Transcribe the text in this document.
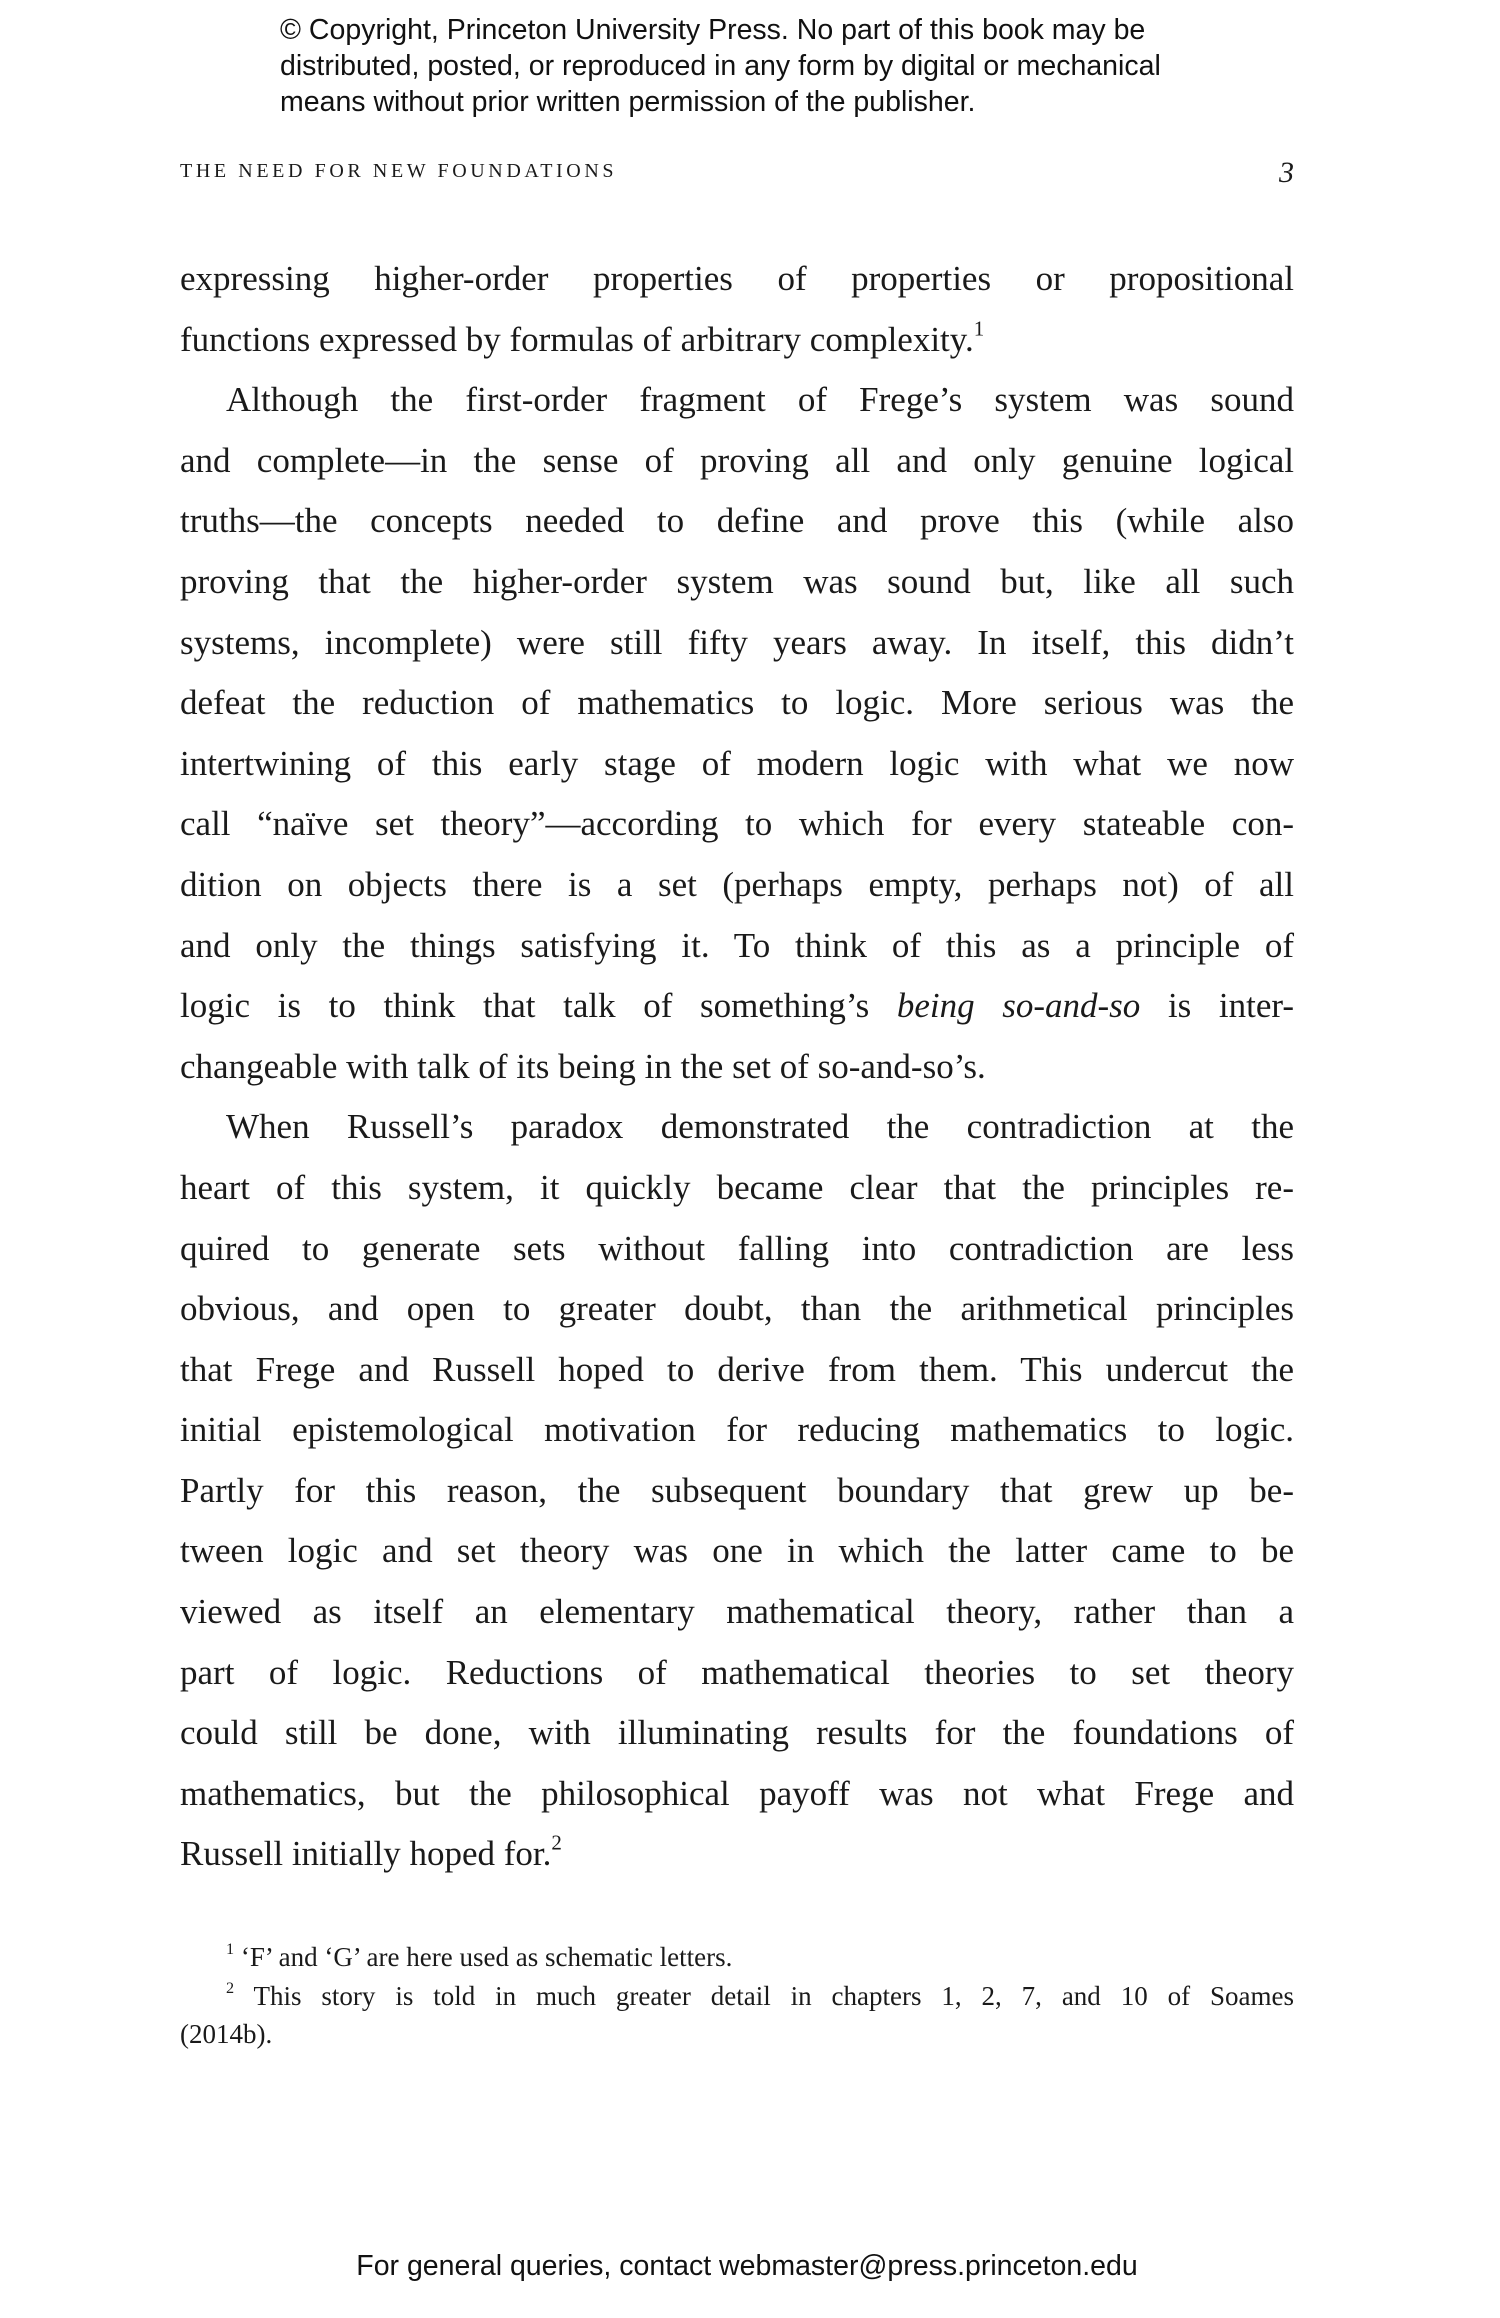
© Copyright, Princeton University Press. No part of this book may be
distributed, posted, or reproduced in any form by digital or mechanical
means without prior written permission of the publisher.
THE NEED FOR NEW FOUNDATIONS	3
expressing higher-order properties of properties or propositional
functions expressed by formulas of arbitrary complexity.$^1$
Although the first-order fragment of Frege’s system was sound
and complete—in the sense of proving all and only genuine logical
truths—the concepts needed to define and prove this (while also
proving that the higher-order system was sound but, like all such
systems, incomplete) were still fifty years away. In itself, this didn’t
defeat the reduction of mathematics to logic. More serious was the
intertwining of this early stage of modern logic with what we now
call “naïve set theory”—according to which for every stateable con-
dition on objects there is a set (perhaps empty, perhaps not) of all
and only the things satisfying it. To think of this as a principle of
logic is to think that talk of something’s being so-and-so is inter-
changeable with talk of its being in the set of so-and-so’s.
When Russell’s paradox demonstrated the contradiction at the
heart of this system, it quickly became clear that the principles re-
quired to generate sets without falling into contradiction are less
obvious, and open to greater doubt, than the arithmetical principles
that Frege and Russell hoped to derive from them. This undercut the
initial epistemological motivation for reducing mathematics to logic.
Partly for this reason, the subsequent boundary that grew up be-
tween logic and set theory was one in which the latter came to be
viewed as itself an elementary mathematical theory, rather than a
part of logic. Reductions of mathematical theories to set theory
could still be done, with illuminating results for the foundations of
mathematics, but the philosophical payoff was not what Frege and
Russell initially hoped for.$^2$
$^1$ ‘F’ and ‘G’ are here used as schematic letters.
$^2$ This story is told in much greater detail in chapters 1, 2, 7, and 10 of Soames
(2014b).
For general queries, contact webmaster@press.princeton.edu
